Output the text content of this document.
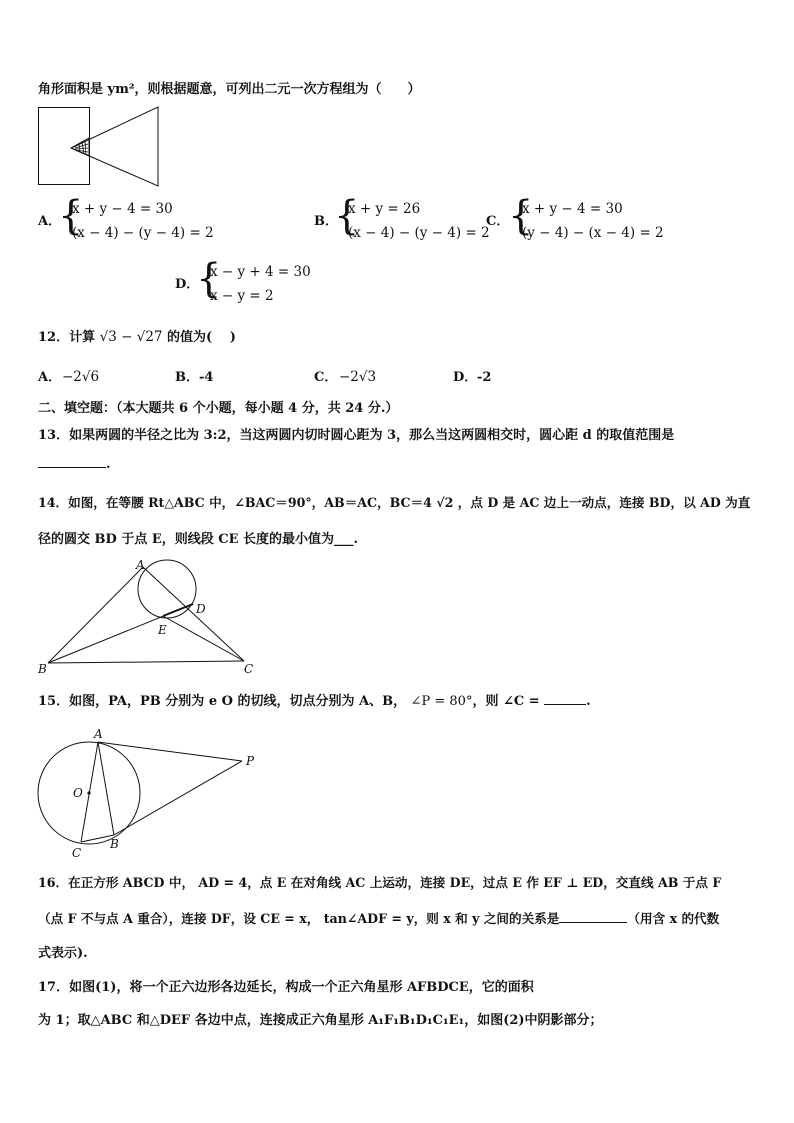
角形面积是 ym²，则根据题意，可列出二元一次方程组为（　　）
A．
{
x + y − 4 = 30
(x − 4) − (y − 4) = 2
B．
{
x + y = 26
(x − 4) − (y − 4) = 2
C．
{
x + y − 4 = 30
(y − 4) − (x − 4) = 2
D．
{
x − y + 4 = 30
x − y = 2
12．计算 √3 − √27 的值为(　 )
A． −2√6	B． -4	C． −2√3	D． -2
二、填空题：（本大题共 6 个小题，每小题 4 分，共 24 分.）
13．如果两圆的半径之比为 3:2，当这两圆内切时圆心距为 3，那么当这两圆相交时，圆心距 d 的取值范围是
.
14．如图，在等腰 Rt△ABC 中，∠BAC＝90°，AB＝AC，BC＝4 √2 ，点 D 是 AC 边上一动点，连接 BD，以 AD 为直
径的圆交 BD 于点 E，则线段 CE 长度的最小值为___.
A
B	C
D
E
15．如图，PA，PB 分别为 e O 的切线，切点分别为 A、B， ∠P = 80°，则 ∠C =	.
A
B
C
O
P
16．在正方形 ABCD 中， AD = 4，点 E 在对角线 AC 上运动，连接 DE，过点 E 作 EF ⊥ ED，交直线 AB 于点 F
（点 F 不与点 A 重合），连接 DF，设 CE = x， tan∠ADF = y，则 x 和 y 之间的关系是	（用含 x 的代数
式表示).
17．如图(1)，将一个正六边形各边延长，构成一个正六角星形 AFBDCE，它的面积
为 1；取△ABC 和△DEF 各边中点，连接成正六角星形 A₁F₁B₁D₁C₁E₁，如图(2)中阴影部分；
